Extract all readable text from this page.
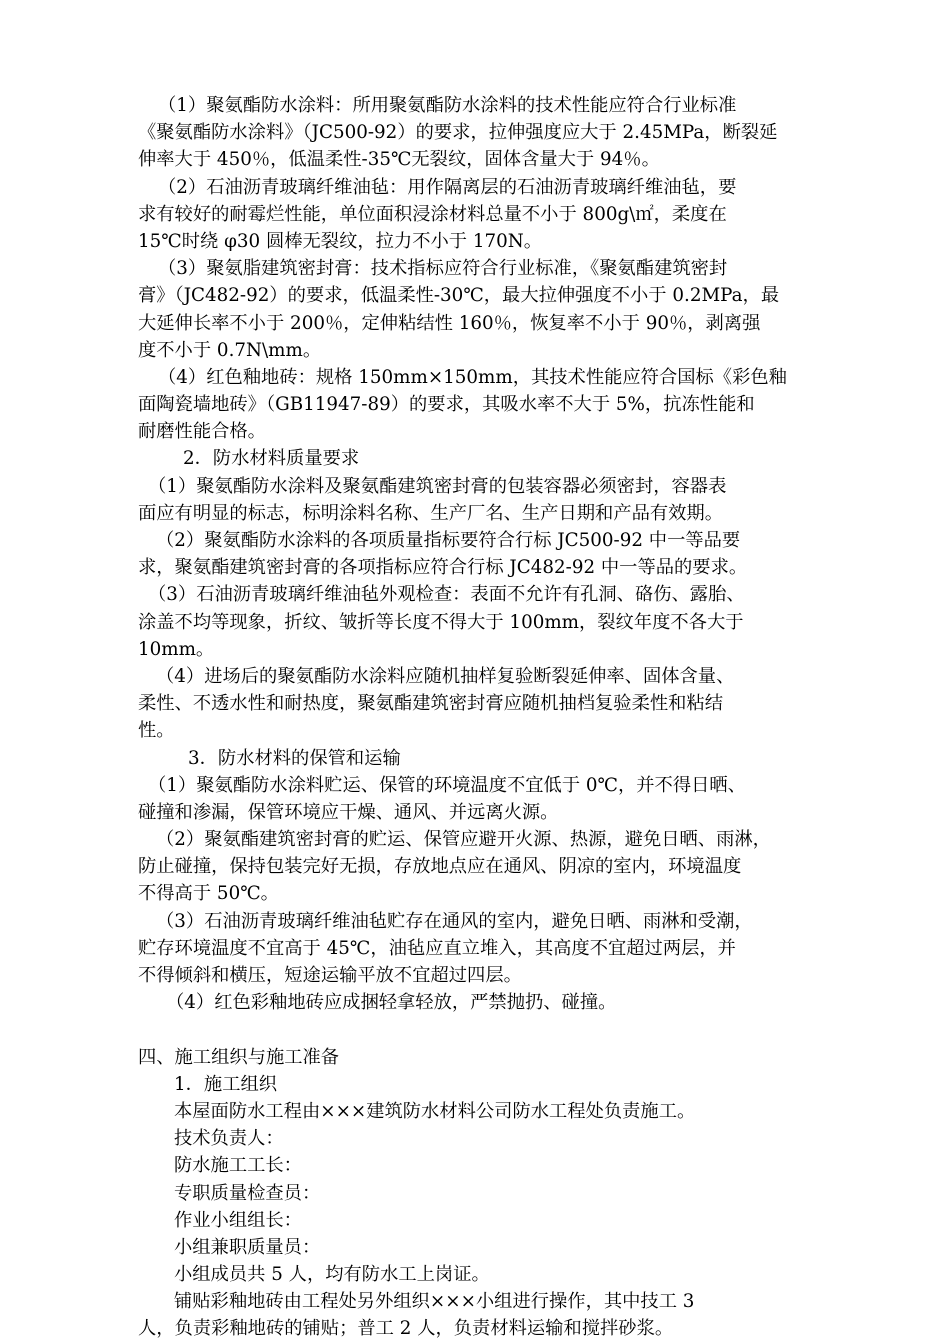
（1）聚氨酯防水涂料：所用聚氨酯防水涂料的技术性能应符合行业标准
《聚氨酯防水涂料》（JC500-92）的要求，拉伸强度应大于 2.45MPa，断裂延
伸率大于 450％，低温柔性-35℃无裂纹，固体含量大于 94％。
（2）石油沥青玻璃纤维油毡：用作隔离层的石油沥青玻璃纤维油毡，要
求有较好的耐霉烂性能，单位面积浸涂材料总量不小于 800g\㎡，柔度在
15℃时绕 φ30 圆棒无裂纹，拉力不小于 170N。
（3）聚氨脂建筑密封膏：技术指标应符合行业标准，《聚氨酯建筑密封
膏》（JC482-92）的要求，低温柔性-30℃，最大拉伸强度不小于 0.2MPa，最
大延伸长率不小于 200％，定伸粘结性 160％，恢复率不小于 90％，剥离强
度不小于 0.7N\mm。
（4）红色釉地砖：规格 150mm×150mm，其技术性能应符合国标《彩色釉
面陶瓷墙地砖》（GB11947-89）的要求，其吸水率不大于 5%，抗冻性能和
耐磨性能合格。
2．防水材料质量要求
（1）聚氨酯防水涂料及聚氨酯建筑密封膏的包装容器必须密封，容器表
面应有明显的标志，标明涂料名称、生产厂名、生产日期和产品有效期。
（2）聚氨酯防水涂料的各项质量指标要符合行标 JC500-92 中一等品要
求，聚氨酯建筑密封膏的各项指标应符合行标 JC482-92 中一等品的要求。
（3）石油沥青玻璃纤维油毡外观检查：表面不允许有孔洞、硌伤、露胎、
涂盖不均等现象，折纹、皱折等长度不得大于 100mm，裂纹年度不各大于
10mm。
（4）进场后的聚氨酯防水涂料应随机抽样复验断裂延伸率、固体含量、
柔性、不透水性和耐热度，聚氨酯建筑密封膏应随机抽档复验柔性和粘结
性。
3．防水材料的保管和运输
（1）聚氨酯防水涂料贮运、保管的环境温度不宜低于 0℃，并不得日晒、
碰撞和渗漏，保管环境应干燥、通风、并远离火源。
（2）聚氨酯建筑密封膏的贮运、保管应避开火源、热源，避免日晒、雨淋，
防止碰撞，保持包装完好无损，存放地点应在通风、阴凉的室内，环境温度
不得高于 50℃。
（3）石油沥青玻璃纤维油毡贮存在通风的室内，避免日晒、雨淋和受潮，
贮存环境温度不宜高于 45℃，油毡应直立堆入，其高度不宜超过两层，并
不得倾斜和横压，短途运输平放不宜超过四层。
（4）红色彩釉地砖应成捆轻拿轻放，严禁抛扔、碰撞。
四、施工组织与施工准备
1．施工组织
本屋面防水工程由×××建筑防水材料公司防水工程处负责施工。
技术负责人：
防水施工工长：
专职质量检查员：
作业小组组长：
小组兼职质量员：
小组成员共 5 人，均有防水工上岗证。
铺贴彩釉地砖由工程处另外组织×××小组进行操作，其中技工 3
人，负责彩釉地砖的铺贴；普工 2 人，负责材料运输和搅拌砂浆。
